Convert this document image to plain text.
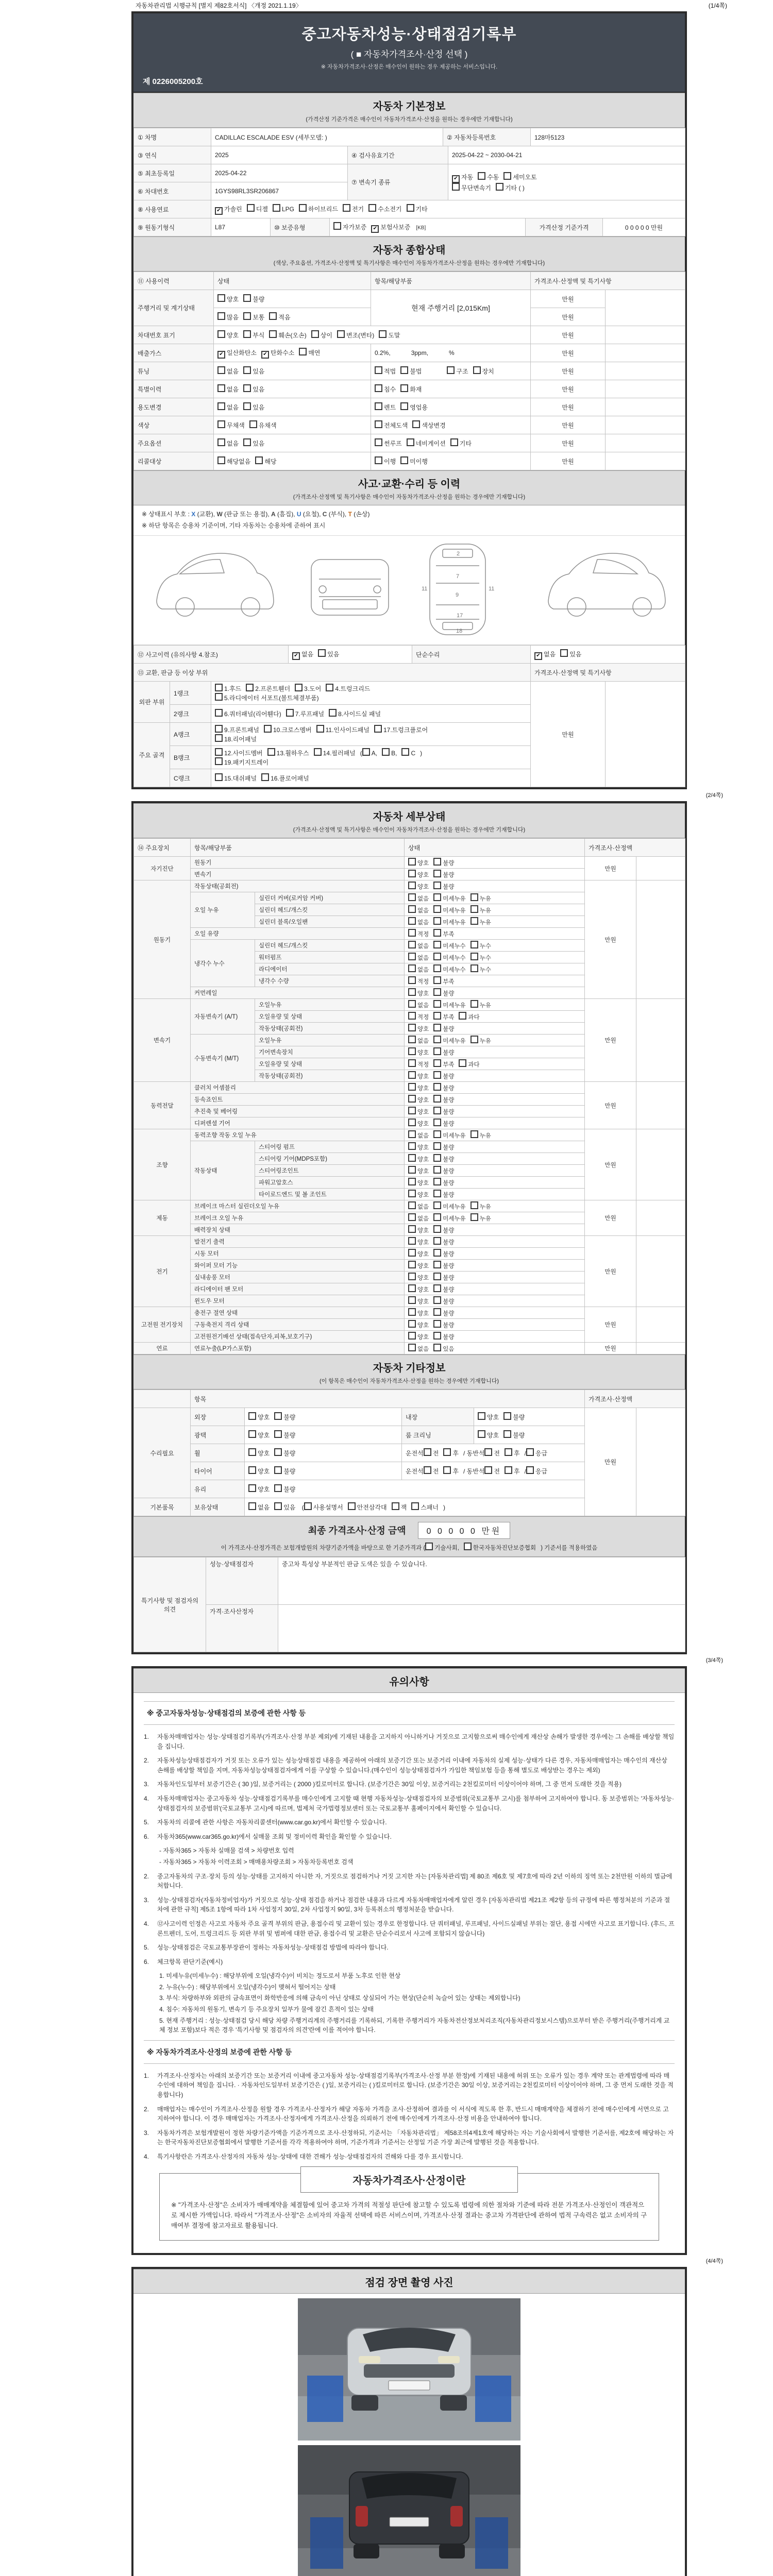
자동차관리법 시행규칙 [별지 제82호서식] 〈개정 2021.1.19〉	(1/4쪽)
중고자동차성능·상태점검기록부
( ■ 자동차가격조사·산정 선택 )
※ 자동차가격조사·산정은 매수인이 원하는 경우 제공하는 서비스입니다.
제 0226005200호
자동차 기본정보
(가격산정 기준가격은 매수인이 자동차가격조사·산정을 원하는 경우에만 기재합니다)
① 차명	CADILLAC ESCALADE ESV (세부모델: )	② 자동차등록번호	128마5123
③ 연식	2025	④ 검사유효기간	2025-04-22 ~ 2030-04-21
⑤ 최초등록일	2025-04-22	⑦ 변속기 종류	✔ 자동 수동 세미오토
무단변속기 기타 ( )
⑥ 차대번호	1GYS98RL3SR206867		
⑧ 사용연료	✔ 가솔린 디젤 LPG 하이브리드 전기 수소전기 기타
⑨ 원동기형식	L87	⑩ 보증유형	자가보증 ✔ 보험사보증 [KB]	가격산정 기준가격	0 0 0 0 0 만원
자동차 종합상태
(색상, 주요옵션, 가격조사·산정액 및 특기사항은 매수인이 자동차가격조사·산정을 원하는 경우에만 기재합니다)
⑪ 사용이력	상태	항목/해당부품	가격조사·산정액 및 특기사항	
주행거리 및 계기상태	양호 불량	현재 주행거리 [2,015Km]	만원	
	많음 보통 적음		만원	
차대번호 표기	양호 부식 훼손(오손) 상이 변조(변타) 도말		만원	
배출가스	✔ 일산화탄소 ✔ 탄화수소 매연	0.2%, 3ppm, %	만원	
튜닝	없음 있음	적법 불법 구조 장치	만원	
특별이력	없음 있음	침수 화재	만원	
용도변경	없음 있음	렌트 영업용	만원	
색상	무채색 유채색	전체도색 색상변경	만원	
주요옵션	없음 있음	썬루프 네비게이션 기타	만원	
리콜대상	해당없음 해당	이행 미이행	만원	
사고·교환·수리 등 이력
(가격조사·산정액 및 특기사항은 매수인이 자동차가격조사·산정을 원하는 경우에만 기재합니다)
※ 상태표시 부호 : X (교환), W (판금 또는 용접), A (흠집), U (요철), C (부식), T (손상)
※ 하단 항목은 승용차 기준이며, 기타 자동차는 승용차에 준하여 표시
2
7
9
11	11
17
18
⑫ 사고이력 (유의사항 4.참조)	✔ 없음 있음	단순수리	✔ 없음 있음
⑬ 교환, 판금 등 이상 부위	가격조사·산정액 및 특기사항
외판 부위	1랭크	1.후드 2.프론트휀더 3.도어 4.트렁크리드
5.라디에이터 서포트(볼트체결부품)	만원	
	2랭크	6.쿼터패널(리어휀다) 7.루프패널 8.사이드실 패널		
주요 골격	A랭크	9.프론트패널 10.크로스멤버 11.인사이드패널 17.트렁크플로어
18.리어패널		
	B랭크	12.사이드멤버 13.휠하우스 14.필러패널 ( A, B, C )
19.패키지트레이		
	C랭크	15.대쉬패널 16.플로어패널		
(2/4쪽)
자동차 세부상태
(가격조사·산정액 및 특기사항은 매수인이 자동차가격조사·산정을 원하는 경우에만 기재합니다)
⑭ 주요장치	항목/해당부품	상태	가격조사·산정액
자기진단	원동기		양호 불량	만원	
	변속기		양호 불량		
원동기	작동상태(공회전)		양호 불량	만원	
	오일 누유	실린더 커버(로커암 커버)	없음 미세누유 누유		
		실린더 헤드/개스킷	없음 미세누유 누유		
		실린더 블록/오일팬	없음 미세누유 누유		
	오일 유량		적정 부족		
	냉각수 누수	실린더 헤드/개스킷	없음 미세누수 누수		
		워터펌프	없음 미세누수 누수		
		라디에이터	없음 미세누수 누수		
		냉각수 수량	적정 부족		
	커먼레일		양호 불량		
변속기	자동변속기 (A/T)	오일누유	없음 미세누유 누유	만원	
		오일유량 및 상태	적정 부족 과다		
		작동상태(공회전)	양호 불량		
	수동변속기 (M/T)	오일누유	없음 미세누유 누유		
		기어변속장치	양호 불량		
		오일유량 및 상태	적정 부족 과다		
		작동상태(공회전)	양호 불량		
동력전달	클러치 어셈블리		양호 불량	만원	
	등속죠인트		양호 불량		
	추진축 및 베어링		양호 불량		
	디퍼렌셜 기어		양호 불량		
조향	동력조향 작동 오일 누유		없음 미세누유 누유	만원	
	작동상태	스티어링 펌프	양호 불량		
		스티어링 기어(MDPS포함)	양호 불량		
		스티어링조인트	양호 불량		
		파워고압호스	양호 불량		
		타이로드엔드 및 볼 조인트	양호 불량		
제동	브레이크 마스터 실린더오일 누유		없음 미세누유 누유	만원	
	브레이크 오일 누유		없음 미세누유 누유		
	배력장치 상태		양호 불량		
전기	발전기 출력		양호 불량	만원	
	시동 모터		양호 불량		
	와이퍼 모터 기능		양호 불량		
	실내송풍 모터		양호 불량		
	라디에이터 팬 모터		양호 불량		
	윈도우 모터		양호 불량		
고전원 전기장치	충전구 절연 상태		양호 불량	만원	
	구동축전지 격리 상태		양호 불량		
	고전원전기배선 상태(접속단자,피복,보호기구)		양호 불량		
연료	연료누출(LP가스포함)		없음 있음	만원	
자동차 기타정보
(이 항목은 매수인이 자동차가격조사·산정을 원하는 경우에만 기재합니다)
	항목	가격조사·산정액
수리필요	외장	양호 불량	내장	양호 불량	만원	
	광택	양호 불량	룸 크리닝	양호 불량		
	휠	양호 불량	운전석 전 후 / 동반석 전 후 / 응급			
	타이어	양호 불량	운전석 전 후 / 동반석 전 후 / 응급			
	유리	양호 불량				
기본품목	보유상태	없음 있음 ( 사용설명서 안전삼각대 잭 스패너 )				
최종 가격조사·산정 금액	0 0 0 0 0 만원
이 가격조사·산정가격은 보험개발원의 차량기준가액을 바탕으로 한 기준가격과 ( 기술사회, 한국자동차진단보증협회 ) 기준서를 적용하였음
특기사항 및 점검자의 의견	성능·상태점검자	중고차 특성상 부분적인 판금 도색은 있을 수 있습니다.
	가격·조사산정자	
(3/4쪽)
유의사항
※ 중고자동차성능·상태점검의 보증에 관한 사항 등
1.	자동차매매업자는 성능·상태점검기록부(가격조사·산정 부분 제외)에 기재된 내용을 고지하지 아니하거나 거짓으로 고지함으로써 매수인에게 재산상 손해가 발생한 경우에는 그 손해를 배상할 책임을 집니다.
2.	자동차성능상태점검자가 거짓 또는 오류가 있는 성능상태점검 내용을 제공하여 아래의 보증기간 또는 보증거리 이내에 자동차의 실제 성능·상태가 다른 경우, 자동차매매업자는 매수인의 재산상 손해를 배상할 책임을 지며, 자동차성능상태점검자에게 이를 구상할 수 있습니다.(매수인이 성능상태점검자가 가입한 책임보험 등을 통해 별도로 배상받는 경우는 제외)
3.	자동차인도일부터 보증기간은 ( 30 )일, 보증거리는 ( 2000 )킬로미터로 합니다. (보증기간은 30일 이상, 보증거리는 2천킬로미터 이상이어야 하며, 그 중 먼저 도래한 것을 적용)
4.	자동차매매업자는 중고자동차 성능·상태점검기록부를 매수인에게 고지할 때 현행 자동차성능·상태점검자의 보증범위(국토교통부 고시)를 첨부하여 고지하여야 합니다. 동 보증범위는 '자동차성능·상태점검자의 보증범위'(국토교통부 고시)에 따르며, 법제처 국가법령정보센터 또는 국토교통부 홈페이지에서 확인할 수 있습니다.
5.	자동차의 리콜에 관한 사항은 자동차리콜센터(www.car.go.kr)에서 확인할 수 있습니다.
6.	자동차365(www.car365.go.kr)에서 실매물 조회 및 정비이력 확인을 확인할 수 있습니다.
- 자동차365 > 자동차 실매물 검색 > 차량번호 입력
- 자동차365 > 자동차 이력조회 > 매매용차량조회 > 자동차등록번호 검색
2.	중고자동차의 구조·장치 등의 성능·상태를 고지하지 아니한 자, 거짓으로 점검하거나 거짓 고지한 자는 [자동차관리법] 제 80조 제6호 및 제7호에 따라 2년 이하의 징역 또는 2천만원 이하의 벌금에 처합니다.
3.	성능·상태점검자(자동차정비업자)가 거짓으로 성능·상태 점검을 하거나 점검한 내용과 다르게 자동차매매업자에게 알린 경우 [자동차관리법 제21조 제2항 등의 규정에 따른 행정처분의 기준과 절차에 관한 규칙] 제5조 1항에 따라 1차 사업정지 30일, 2차 사업정지 90일, 3차 등록취소의 행정처분을 받습니다.
4.	⑫사고이력 인정은 사고로 자동차 주요 골격 부위의 판금, 용접수리 및 교환이 있는 경우로 한정합니다. 단 쿼터패널, 루프패널, 사이드실패널 부위는 절단, 용접 시에만 사고로 표기합니다. (후드, 프론트펜더, 도어, 트렁크리드 등 외판 부위 및 범퍼에 대한 판금, 용접수리 및 교환은 단순수리로서 사고에 포함되지 않습니다)
5.	성능·상태점검은 국토교통부장관이 정하는 자동차성능·상태점검 방법에 따라야 합니다.
6.	체크항목 판단기준(예시)
1. 미세누유(미세누수) : 해당부위에 오일(냉각수)이 비치는 정도로서 부품 노후로 인한 현상
2. 누유(누수) : 해당부위에서 오일(냉각수)이 맺혀서 떨어지는 상태
3. 부식: 차량하부와 외판의 금속표면이 화학반응에 의해 금속이 아닌 상태로 상실되어 가는 현상(단순히 녹슬어 있는 상태는 제외합니다)
4. 침수: 자동차의 원동기, 변속기 등 주요장치 일부가 물에 잠긴 흔적이 있는 상태
5. 현재 주행거리 : 성능·상태점검 당시 해당 차량 주행거리계의 주행거리를 기록하되, 기록한 주행거리가 자동차전산정보처리조직(자동차관리정보시스템)으로부터 받은 주행거리(주행거리계 교체 정보 포함)보다 적은 경우 '특기사항 및 점검자의 의견'란에 이를 적어야 합니다.
※ 자동차가격조사·산정의 보증에 관한 사항 등
1.	가격조사·산정자는 아래의 보증기간 또는 보증거리 이내에 중고자동차 성능·상태점검기록부(가격조사·산정 부분 한정)에 기재된 내용에 허위 또는 오류가 있는 경우 계약 또는 관계법령에 따라 매수인에 대하여 책임을 집니다. · 자동차인도일부터 보증기간은 ( )일, 보증거리는 ( )킬로미터로 합니다. (보증기간은 30일 이상, 보증거리는 2천킬로미터 이상이어야 하며, 그 중 먼저 도래한 것을 적용합니다)
2.	매매업자는 매수인이 가격조사·산정을 원할 경우 가격조사·산정자가 해당 자동차 가격을 조사·산정하여 결과를 이 서식에 적도록 한 후, 반드시 매매계약을 체결하기 전에 매수인에게 서면으로 고지하여야 합니다. 이 경우 매매업자는 가격조사·산정자에게 가격조사·산정을 의뢰하기 전에 매수인에게 가격조사·산정 비용을 안내하여야 합니다.
3.	자동차가격은 보험개발원이 정한 차량기준가액을 기준가격으로 조사·산정하되, 기준서는 「자동차관리법」 제58조의4제1호에 해당하는 자는 기술사회에서 발행한 기준서를, 제2호에 해당하는 자는 한국자동차진단보증협회에서 발행한 기준서를 각각 적용하여야 하며, 기준가격과 기준서는 산정일 기준 가장 최근에 발행된 것을 적용합니다.
4.	특기사항란은 가격조사·산정자의 자동차 성능·상태에 대한 견해가 성능·상태점검자의 견해와 다를 경우 표시합니다.
자동차가격조사·산정이란
※ "가격조사·산정"은 소비자가 매매계약을 체결함에 있어 중고차 가격의 적절성 판단에 참고할 수 있도록 법령에 의한 절차와 기준에 따라 전문 가격조사·산정인이 객관적으로 제시한 가액입니다. 따라서 "가격조사·산정"은 소비자의 자율적 선택에 따른 서비스이며, 가격조사·산정 결과는 중고차 가격판단에 관하여 법적 구속력은 없고 소비자의 구매여부 결정에 참고자료로 활용됩니다.
(4/4쪽)
점검 장면 촬영 사진
